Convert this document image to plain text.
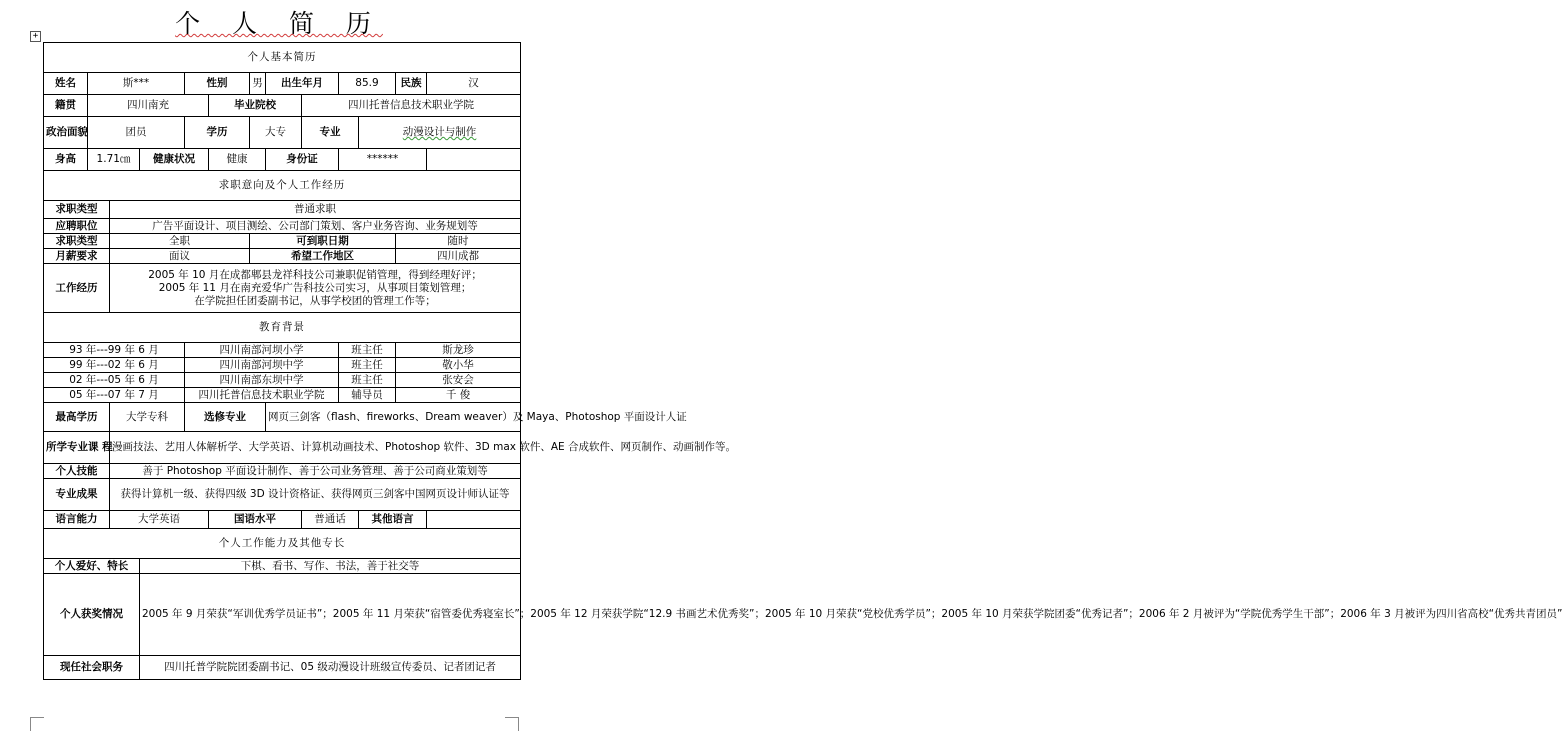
个 人 简 历
+
个人基本简历												
姓名	斯***			性别		男	出生年月		85.9		民族	汉
籍贯	四川南充				毕业院校			四川托普信息技术职业学院				
政治面貌	团员			学历		大专		专业		动漫设计与制作		
身高	1.71㎝		健康状况		健康		身份证		******			
求职意向及个人工作经历												
求职类型		普通求职										
应聘职位		广告平面设计、项目测绘、公司部门策划、客户业务咨询、业务规划等										
求职类型		全职				可到职日期					随时	
月薪要求		面议				希望工作地区					四川成都	
工作经历		2005 年 10 月在成都郫县龙祥科技公司兼职促销管理，得到经理好评；
2005 年 11 月在南充爱华广告科技公司实习，从事项目策划管理；
在学院担任团委副书记，从事学校团的管理工作等；										

教育背景												
93 年---99 年 6 月				四川南部河坝小学					班主任		斯龙珍	
99 年---02 年 6 月				四川南部河坝中学					班主任		敬小华	
02 年---05 年 6 月				四川南部东坝中学					班主任		张安会	
05 年---07 年 7 月				四川托普信息技术职业学院					辅导员		千 俊	
最高学历		大学专科		选修专业			网页三剑客（flash、fireworks、Dream weaver）及 Maya、Photoshop 平面设计人证					
所学专业课 程		漫画技法、艺用人体解析学、大学英语、计算机动画技术、Photoshop 软件、3D max 软件、AE 合成软件、网页制作、动画制作等。										
个人技能		善于 Photoshop 平面设计制作、善于公司业务管理、善于公司商业策划等										
专业成果		获得计算机一级、获得四级 3D 设计资格证、获得网页三剑客中国网页设计师认证等										
语言能力		大学英语			国语水平			普通话		其他语言		
个人工作能力及其他专长												
个人爱好、特长			下棋、看书、写作、书法，善于社交等									
个人获奖情况			2005 年 9 月荣获“军训优秀学员证书”；2005 年 11 月荣获“宿管委优秀寝室长”；2005 年 12 月荣获学院“12.9 书画艺术优秀奖”；2005 年 10 月荣获“党校优秀学员”；2005 年 10 月荣获学院团委“优秀记者”；2006 年 2 月被评为“学院优秀学生干部”；2006 年 3 月被评为四川省高校“优秀共青团员”									
现任社会职务			四川托普学院院团委副书记、05 级动漫设计班级宣传委员、记者团记者									
